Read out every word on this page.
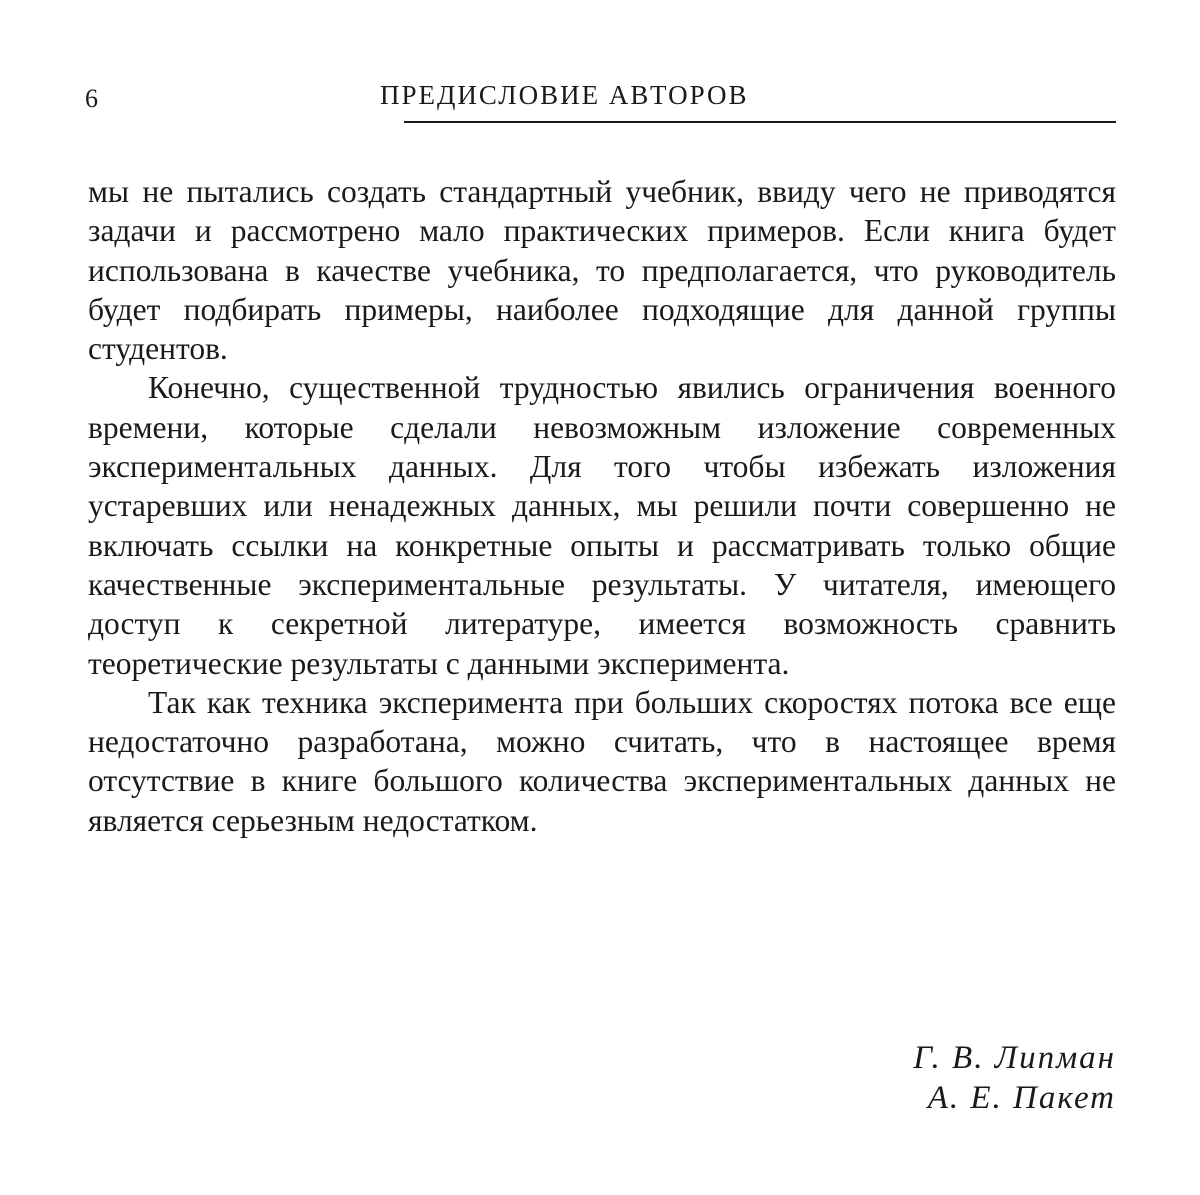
6	ПРЕДИСЛОВИЕ АВТОРОВ

мы не пытались создать стандартный учебник, ввиду чего не приводятся задачи и рассмотрено мало практических примеров. Если книга будет использована в качестве учебника, то предполагается, что руководитель будет подбирать примеры, наиболее подходящие для данной группы студентов.

Конечно, существенной трудностью явились ограничения военного времени, которые сделали невозможным изложение современных экспериментальных данных. Для того чтобы избежать изложения устаревших или ненадежных данных, мы решили почти совершенно не включать ссылки на конкретные опыты и рассматривать только общие качественные экспериментальные результаты. У читателя, имеющего доступ к секретной литературе, имеется возможность сравнить теоретические результаты с данными эксперимента.

Так как техника эксперимента при больших скоростях потока все еще недостаточно разработана, можно считать, что в настоящее время отсутствие в книге большого количества экспериментальных данных не является серьезным недостатком.

Г. В. Липман
А. Е. Пакет
